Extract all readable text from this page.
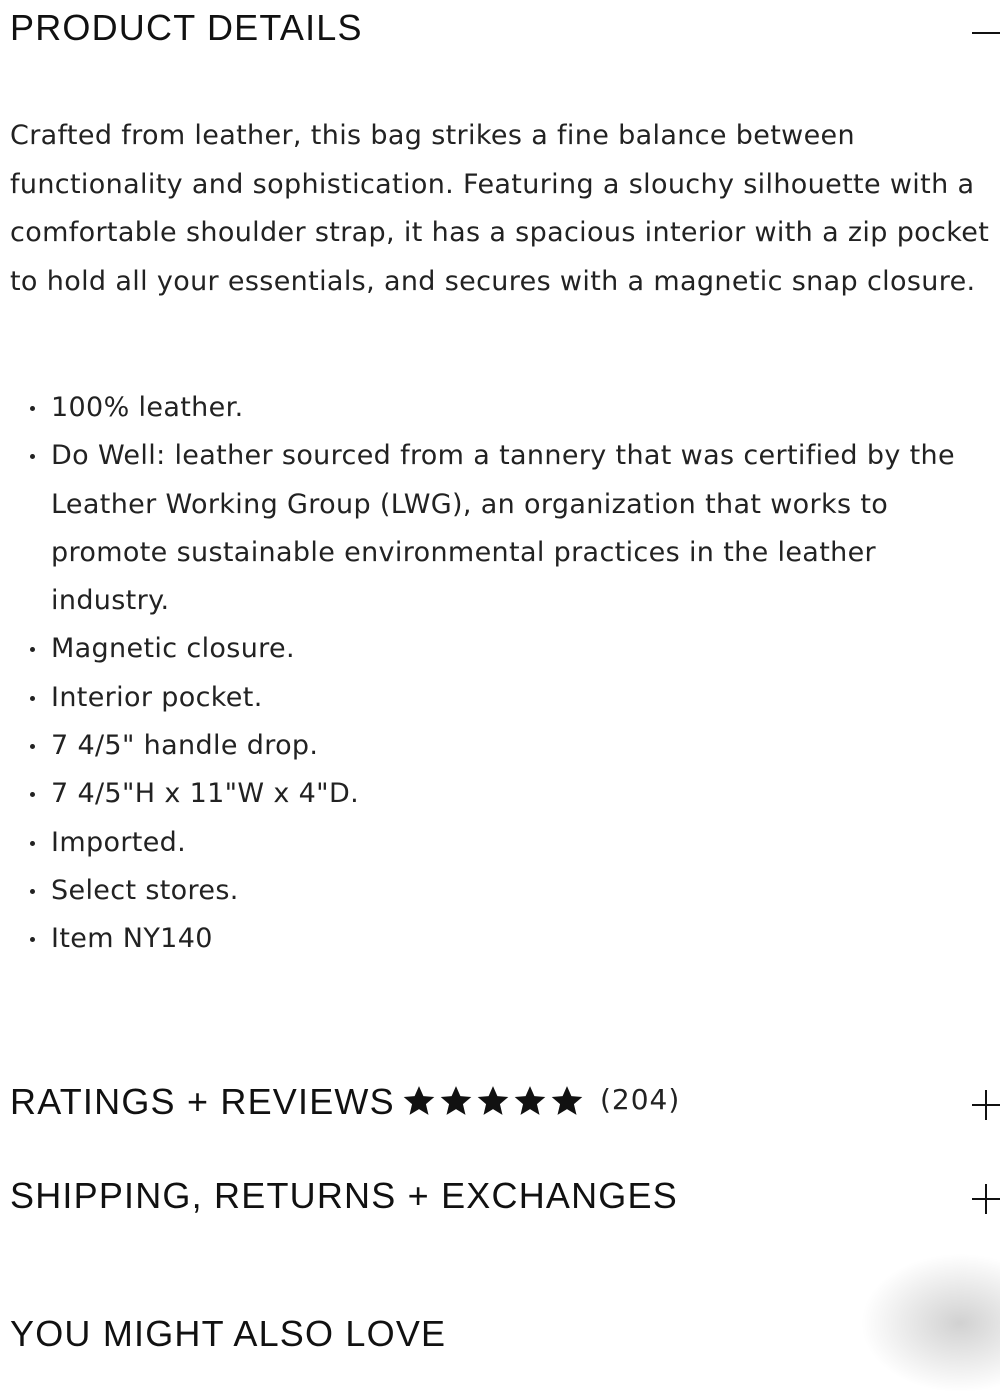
PRODUCT DETAILS

Crafted from leather, this bag strikes a fine balance between functionality and sophistication. Featuring a slouchy silhouette with a comfortable shoulder strap, it has a spacious interior with a zip pocket to hold all your essentials, and secures with a magnetic snap closure.

100% leather.
Do Well: leather sourced from a tannery that was certified by the Leather Working Group (LWG), an organization that works to promote sustainable environmental practices in the leather industry.
Magnetic closure.
Interior pocket.
7 4/5" handle drop.
7 4/5"H x 11"W x 4"D.
Imported.
Select stores.
Item NY140
RATINGS + REVIEWS	(204)
SHIPPING, RETURNS + EXCHANGES
YOU MIGHT ALSO LOVE
